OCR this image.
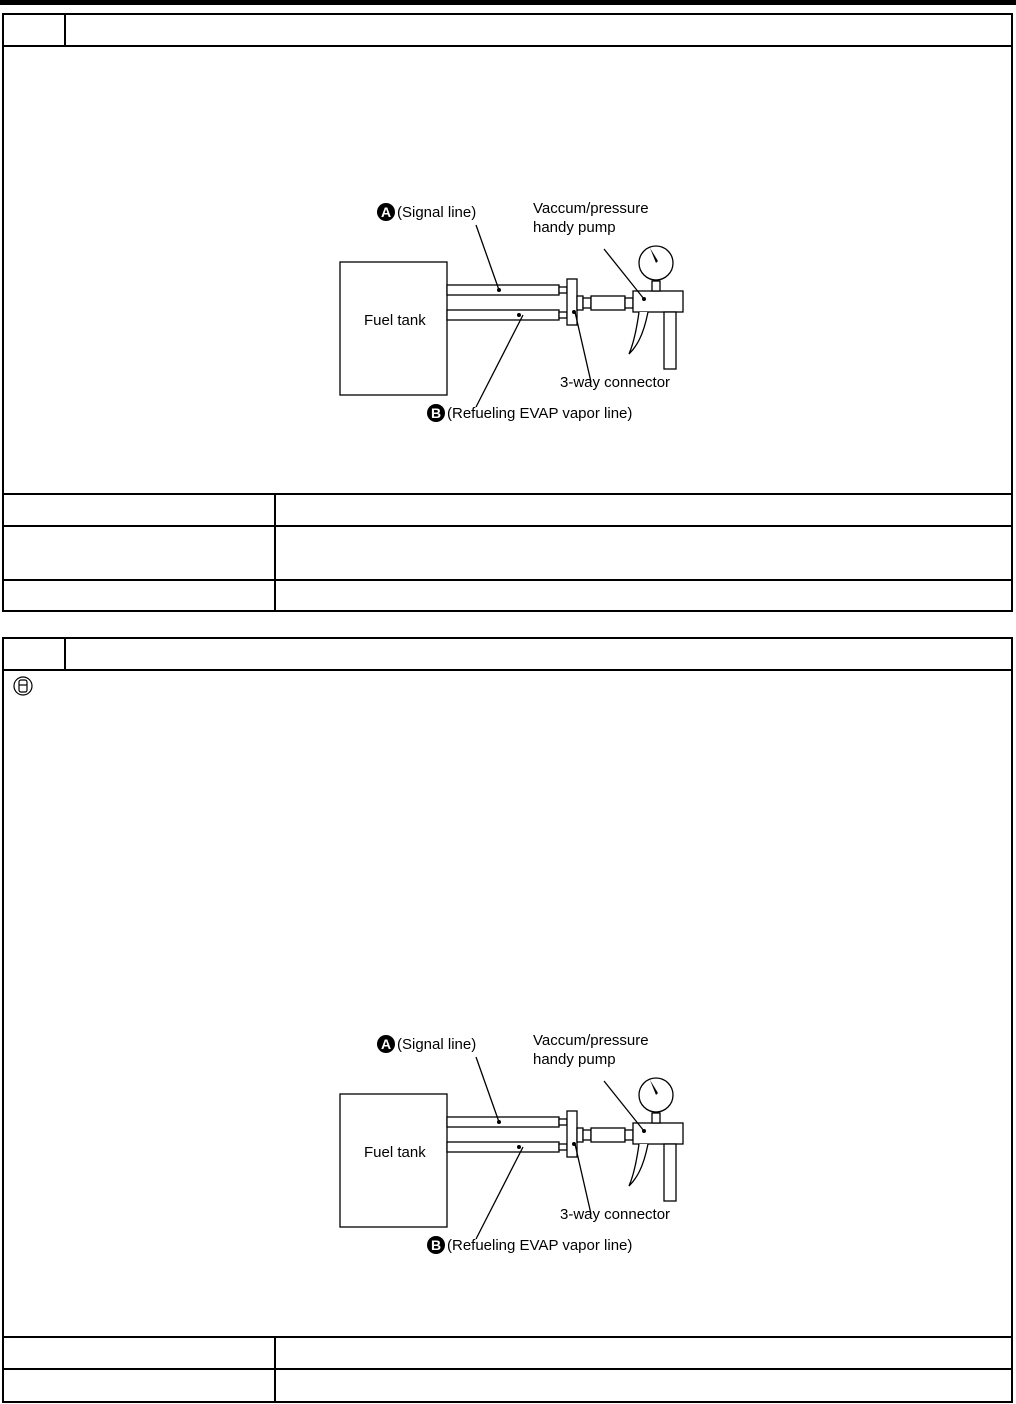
Fuel tank
A (Signal line)	Vaccum/pressure
handy pump
3-way connector
B (Refueling EVAP vapor line)
Fuel tank
A (Signal line)	Vaccum/pressure
handy pump
3-way connector
B (Refueling EVAP vapor line)
